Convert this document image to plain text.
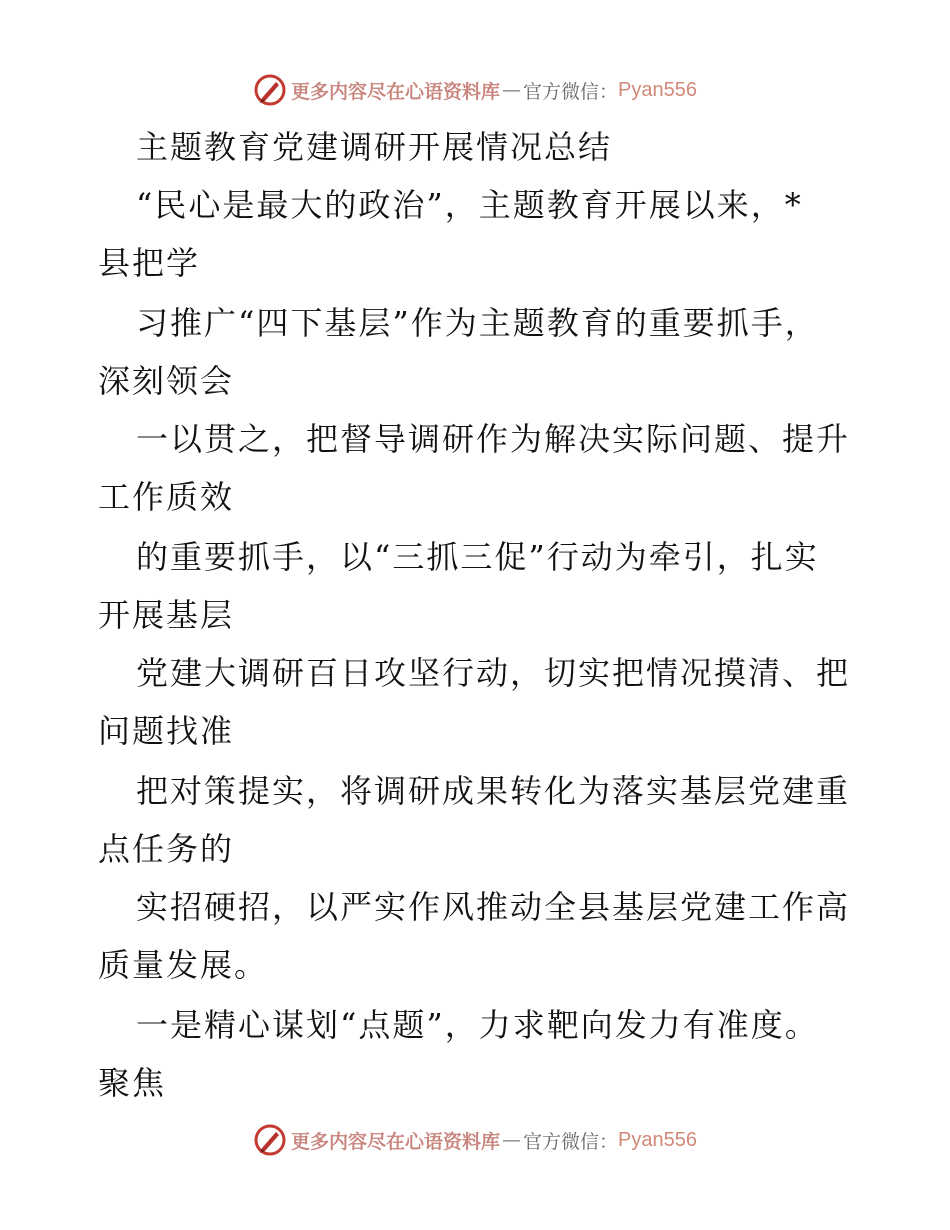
更多内容尽在心语资料库 — 官方微信： Pyan556
主题教育党建调研开展情况总结
“民心是最大的政治”，主题教育开展以来，*
县把学
习推广“四下基层”作为主题教育的重要抓手，
深刻领会
一以贯之，把督导调研作为解决实际问题、提升
工作质效
的重要抓手，以“三抓三促”行动为牵引，扎实
开展基层
党建大调研百日攻坚行动，切实把情况摸清、把
问题找准
把对策提实，将调研成果转化为落实基层党建重
点任务的
实招硬招，以严实作风推动全县基层党建工作高
质量发展。
一是精心谋划“点题”，力求靶向发力有准度。
聚焦
更多内容尽在心语资料库 — 官方微信： Pyan556
